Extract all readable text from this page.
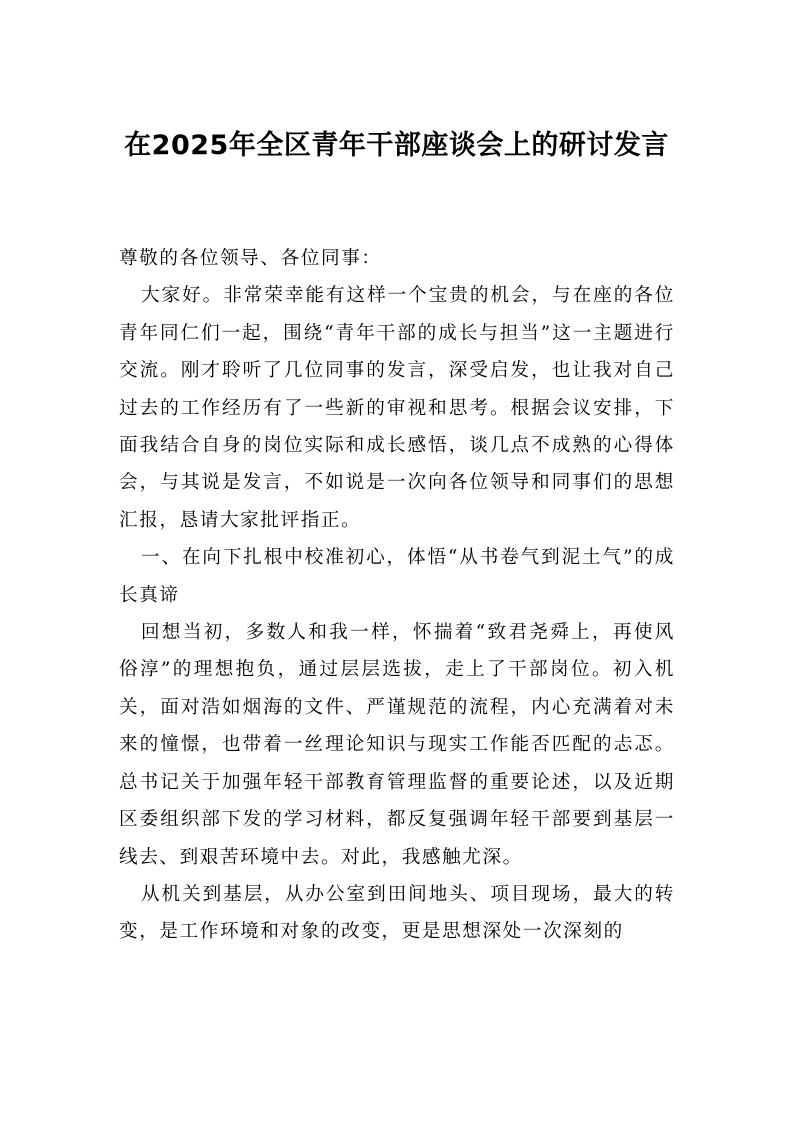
在2025年全区青年干部座谈会上的研讨发言

尊敬的各位领导、各位同事：

大家好。非常荣幸能有这样一个宝贵的机会，与在座的各位青年同仁们一起，围绕“青年干部的成长与担当”这一主题进行交流。刚才聆听了几位同事的发言，深受启发，也让我对自己过去的工作经历有了一些新的审视和思考。根据会议安排，下面我结合自身的岗位实际和成长感悟，谈几点不成熟的心得体会，与其说是发言，不如说是一次向各位领导和同事们的思想汇报，恳请大家批评指正。

一、在向下扎根中校准初心，体悟“从书卷气到泥土气”的成长真谛

回想当初，多数人和我一样，怀揣着“致君尧舜上，再使风俗淳”的理想抱负，通过层层选拔，走上了干部岗位。初入机关，面对浩如烟海的文件、严谨规范的流程，内心充满着对未来的憧憬，也带着一丝理论知识与现实工作能否匹配的忐忑。总书记关于加强年轻干部教育管理监督的重要论述，以及近期区委组织部下发的学习材料，都反复强调年轻干部要到基层一线去、到艰苦环境中去。对此，我感触尤深。

从机关到基层，从办公室到田间地头、项目现场，最大的转变，是工作环境和对象的改变，更是思想深处一次深刻的
